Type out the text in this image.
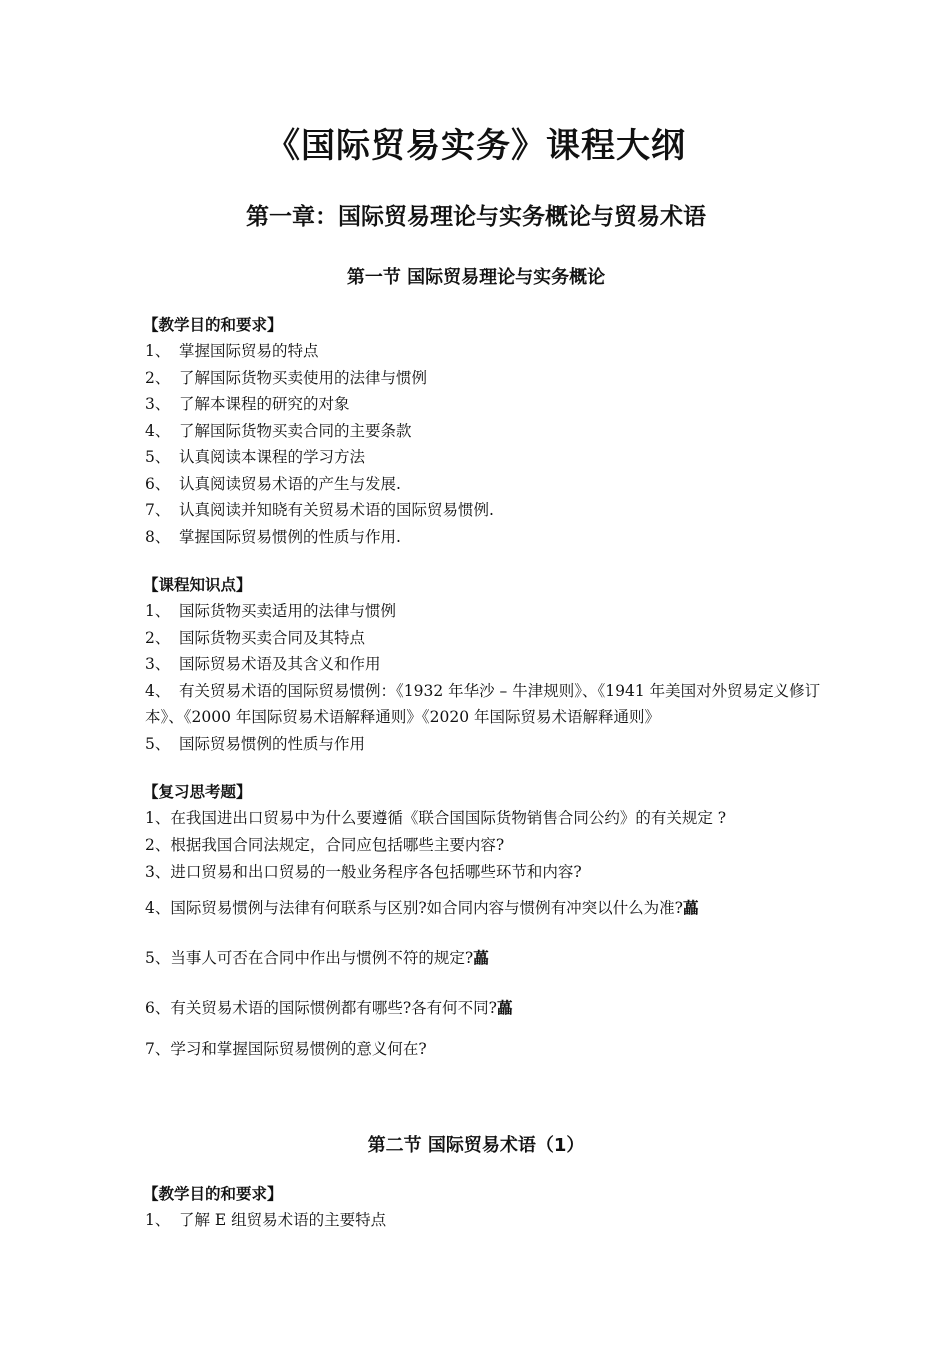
《国际贸易实务》课程大纲
第一章：国际贸易理论与实务概论与贸易术语
第一节 国际贸易理论与实务概论
【教学目的和要求】
1、 掌握国际贸易的特点
2、 了解国际货物买卖使用的法律与惯例
3、 了解本课程的研究的对象
4、 了解国际货物买卖合同的主要条款
5、 认真阅读本课程的学习方法
6、 认真阅读贸易术语的产生与发展.
7、 认真阅读并知晓有关贸易术语的国际贸易惯例.
8、 掌握国际贸易惯例的性质与作用.
【课程知识点】
1、 国际货物买卖适用的法律与惯例
2、 国际货物买卖合同及其特点
3、 国际贸易术语及其含义和作用
4、 有关贸易术语的国际贸易惯例：《1932 年华沙 – 牛津规则》、《1941 年美国对外贸易定义修订本》、《2000 年国际贸易术语解释通则》《2020 年国际贸易术语解释通则》
5、 国际贸易惯例的性质与作用
【复习思考题】
1、在我国进出口贸易中为什么要遵循《联合国国际货物销售合同公约》的有关规定 ?
2、根据我国合同法规定，合同应包括哪些主要内容?
3、进口贸易和出口贸易的一般业务程序各包括哪些环节和内容?
4、国际贸易惯例与法律有何联系与区别?如合同内容与惯例有冲突以什么为准?藟
5、当事人可否在合同中作出与惯例不符的规定?藟
6、有关贸易术语的国际惯例都有哪些?各有何不同?藟
7、学习和掌握国际贸易惯例的意义何在?
第二节 国际贸易术语（1）
【教学目的和要求】
1、 了解 E 组贸易术语的主要特点
